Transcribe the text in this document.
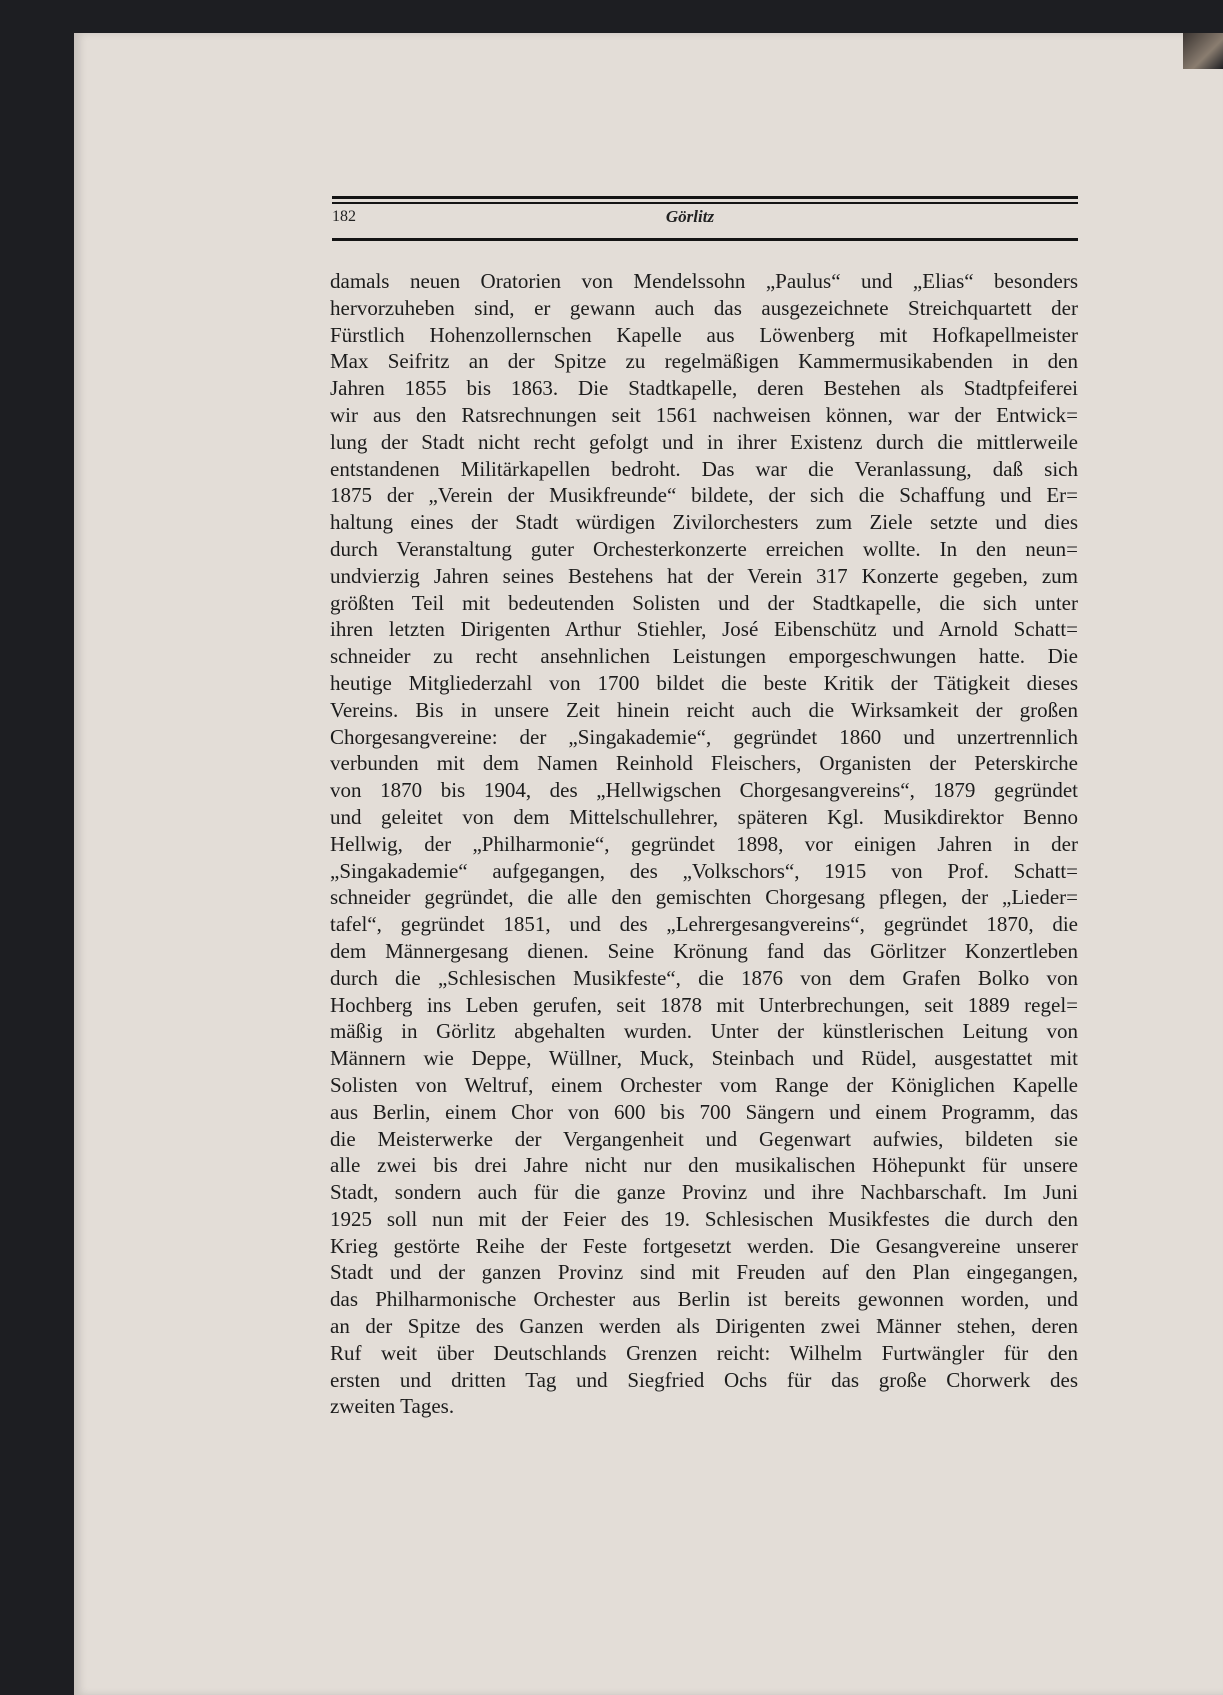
182	Görlitz
damals neuen Oratorien von Mendelssohn „Paulus“ und „Elias“ besonders
hervorzuheben sind, er gewann auch das ausgezeichnete Streichquartett der
Fürstlich Hohenzollernschen Kapelle aus Löwenberg mit Hofkapellmeister
Max Seifritz an der Spitze zu regelmäßigen Kammermusikabenden in den
Jahren 1855 bis 1863. Die Stadtkapelle, deren Bestehen als Stadtpfeiferei
wir aus den Ratsrechnungen seit 1561 nachweisen können, war der Entwick=
lung der Stadt nicht recht gefolgt und in ihrer Existenz durch die mittlerweile
entstandenen Militärkapellen bedroht. Das war die Veranlassung, daß sich
1875 der „Verein der Musikfreunde“ bildete, der sich die Schaffung und Er=
haltung eines der Stadt würdigen Zivilorchesters zum Ziele setzte und dies
durch Veranstaltung guter Orchesterkonzerte erreichen wollte. In den neun=
undvierzig Jahren seines Bestehens hat der Verein 317 Konzerte gegeben, zum
größten Teil mit bedeutenden Solisten und der Stadtkapelle, die sich unter
ihren letzten Dirigenten Arthur Stiehler, José Eibenschütz und Arnold Schatt=
schneider zu recht ansehnlichen Leistungen emporgeschwungen hatte. Die
heutige Mitgliederzahl von 1700 bildet die beste Kritik der Tätigkeit dieses
Vereins. Bis in unsere Zeit hinein reicht auch die Wirksamkeit der großen
Chorgesangvereine: der „Singakademie“, gegründet 1860 und unzertrennlich
verbunden mit dem Namen Reinhold Fleischers, Organisten der Peterskirche
von 1870 bis 1904, des „Hellwigschen Chorgesangvereins“, 1879 gegründet
und geleitet von dem Mittelschullehrer, späteren Kgl. Musikdirektor Benno
Hellwig, der „Philharmonie“, gegründet 1898, vor einigen Jahren in der
„Singakademie“ aufgegangen, des „Volkschors“, 1915 von Prof. Schatt=
schneider gegründet, die alle den gemischten Chorgesang pflegen, der „Lieder=
tafel“, gegründet 1851, und des „Lehrergesangvereins“, gegründet 1870, die
dem Männergesang dienen. Seine Krönung fand das Görlitzer Konzertleben
durch die „Schlesischen Musikfeste“, die 1876 von dem Grafen Bolko von
Hochberg ins Leben gerufen, seit 1878 mit Unterbrechungen, seit 1889 regel=
mäßig in Görlitz abgehalten wurden. Unter der künstlerischen Leitung von
Männern wie Deppe, Wüllner, Muck, Steinbach und Rüdel, ausgestattet mit
Solisten von Weltruf, einem Orchester vom Range der Königlichen Kapelle
aus Berlin, einem Chor von 600 bis 700 Sängern und einem Programm, das
die Meisterwerke der Vergangenheit und Gegenwart aufwies, bildeten sie
alle zwei bis drei Jahre nicht nur den musikalischen Höhepunkt für unsere
Stadt, sondern auch für die ganze Provinz und ihre Nachbarschaft. Im Juni
1925 soll nun mit der Feier des 19. Schlesischen Musikfestes die durch den
Krieg gestörte Reihe der Feste fortgesetzt werden. Die Gesangvereine unserer
Stadt und der ganzen Provinz sind mit Freuden auf den Plan eingegangen,
das Philharmonische Orchester aus Berlin ist bereits gewonnen worden, und
an der Spitze des Ganzen werden als Dirigenten zwei Männer stehen, deren
Ruf weit über Deutschlands Grenzen reicht: Wilhelm Furtwängler für den
ersten und dritten Tag und Siegfried Ochs für das große Chorwerk des
zweiten Tages.
